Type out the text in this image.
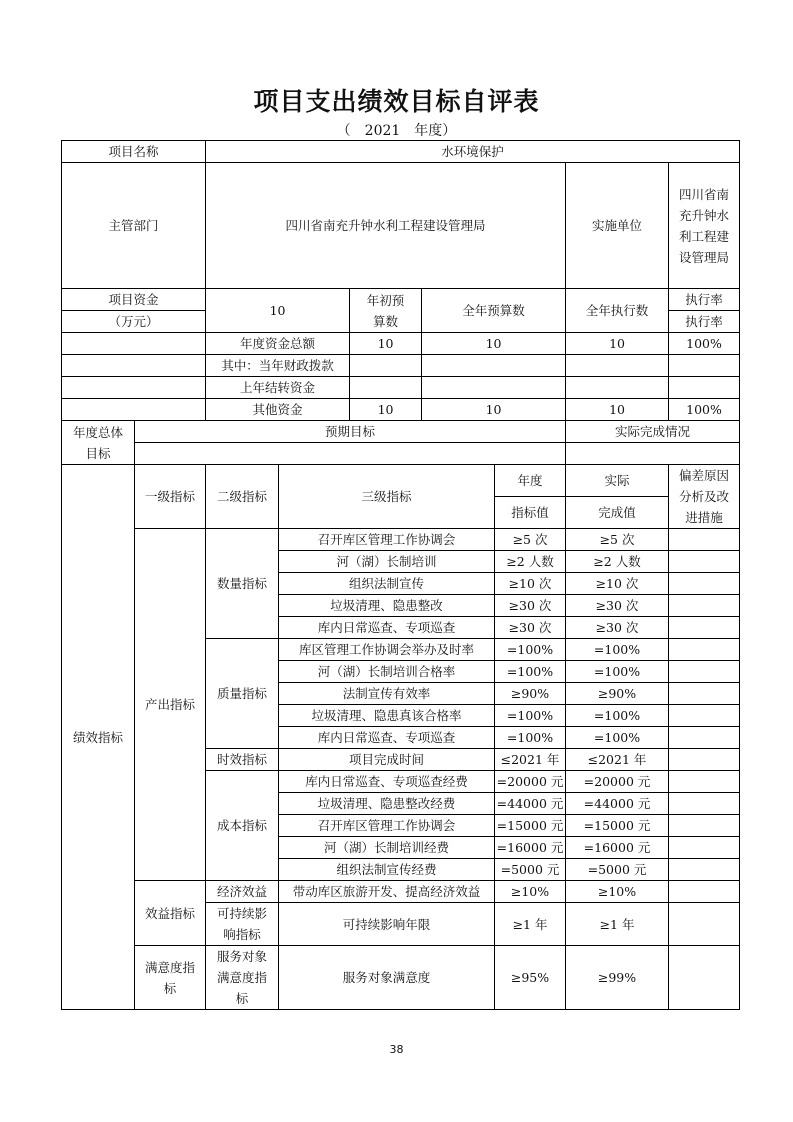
项目支出绩效目标自评表
（　2021　年度）
项目名称		水环境保护						
主管部门		四川省南充升钟水利工程建设管理局					实施单位	四川省南充升钟水利工程建设管理局
项目资金		10		年初预算数	全年预算数		全年执行数	执行率
（万元）								执行率
		年度资金总额		10	10		10	100%
		其中：当年财政拨款						
		上年结转资金						
		其他资金		10	10		10	100%
年度总体目标	预期目标						实际完成情况	

绩效指标	一级指标	二级指标	三级指标			年度	实际	偏差原因分析及改进措施
						指标值	完成值	
	产出指标	数量指标	召开库区管理工作协调会			≥5 次	≥5 次	
			河（湖）长制培训			≥2 人数	≥2 人数	
			组织法制宣传			≥10 次	≥10 次	
			垃圾清理、隐患整改			≥30 次	≥30 次	
			库内日常巡查、专项巡查			≥30 次	≥30 次	
		质量指标	库区管理工作协调会举办及时率			=100%	=100%	
			河（湖）长制培训合格率			=100%	=100%	
			法制宣传有效率			≥90%	≥90%	
			垃圾清理、隐患真该合格率			=100%	=100%	
			库内日常巡查、专项巡查			=100%	=100%	
		时效指标	项目完成时间			≤2021 年	≤2021 年	
		成本指标	库内日常巡查、专项巡查经费			=20000 元	=20000 元	
			垃圾清理、隐患整改经费			=44000 元	=44000 元	
			召开库区管理工作协调会			=15000 元	=15000 元	
			河（湖）长制培训经费			=16000 元	=16000 元	
			组织法制宣传经费			=5000 元	=5000 元	
	效益指标	经济效益	带动库区旅游开发、提高经济效益			≥10%	≥10%	
		可持续影响指标	可持续影响年限			≥1 年	≥1 年	
	满意度指标	服务对象满意度指标	服务对象满意度			≥95%	≥99%	
38
